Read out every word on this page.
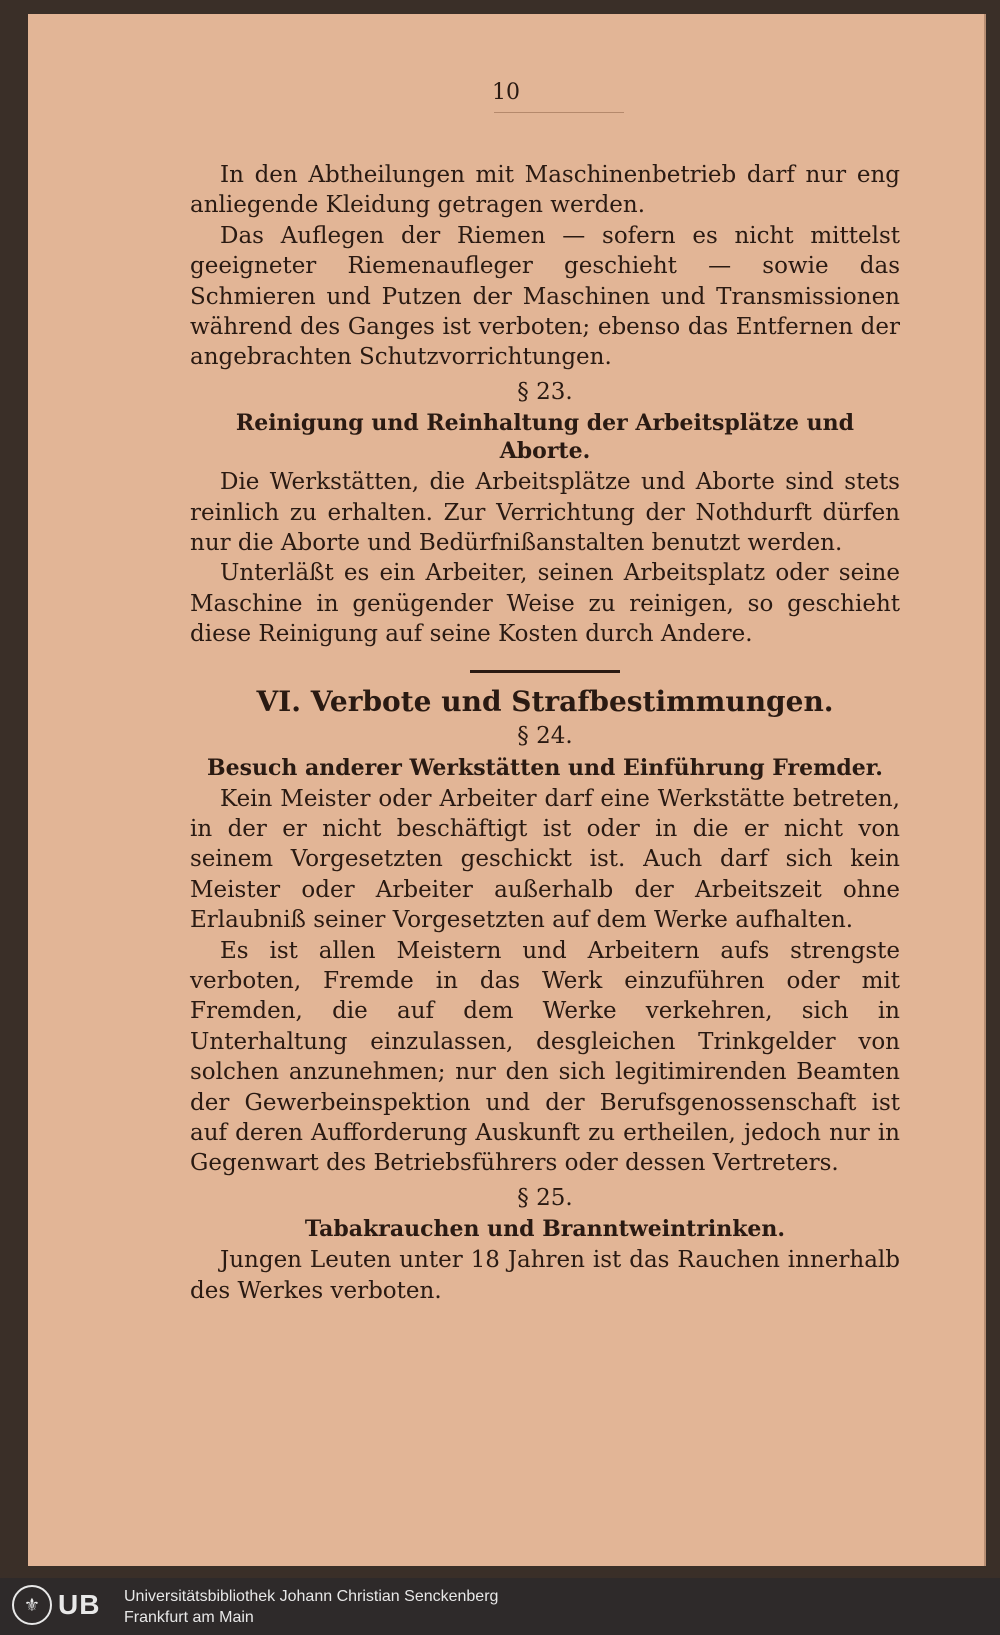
10

In den Abtheilungen mit Maschinenbetrieb darf nur eng anliegende Kleidung getragen werden.

Das Auflegen der Riemen — sofern es nicht mittelst geeigneter Riemenaufleger geschieht — sowie das Schmieren und Putzen der Maschinen und Transmissionen während des Ganges ist verboten; ebenso das Entfernen der angebrachten Schutzvorrichtungen.

§ 23.
Reinigung und Reinhaltung der Arbeitsplätze und Aborte.

Die Werkstätten, die Arbeitsplätze und Aborte sind stets reinlich zu erhalten. Zur Verrichtung der Nothdurft dürfen nur die Aborte und Bedürfnißanstalten benutzt werden.

Unterläßt es ein Arbeiter, seinen Arbeitsplatz oder seine Maschine in genügender Weise zu reinigen, so geschieht diese Reinigung auf seine Kosten durch Andere.

VI. Verbote und Strafbestimmungen.
§ 24.
Besuch anderer Werkstätten und Einführung Fremder.

Kein Meister oder Arbeiter darf eine Werkstätte betreten, in der er nicht beschäftigt ist oder in die er nicht von seinem Vorgesetzten geschickt ist. Auch darf sich kein Meister oder Arbeiter außerhalb der Arbeitszeit ohne Erlaubniß seiner Vorgesetzten auf dem Werke aufhalten.

Es ist allen Meistern und Arbeitern aufs strengste verboten, Fremde in das Werk einzuführen oder mit Fremden, die auf dem Werke verkehren, sich in Unterhaltung einzulassen, desgleichen Trinkgelder von solchen anzunehmen; nur den sich legitimirenden Beamten der Gewerbeinspektion und der Berufsgenossenschaft ist auf deren Aufforderung Auskunft zu ertheilen, jedoch nur in Gegenwart des Betriebsführers oder dessen Vertreters.

§ 25.
Tabakrauchen und Branntweintrinken.

Jungen Leuten unter 18 Jahren ist das Rauchen innerhalb des Werkes verboten.

⚜ UB Universitätsbibliothek Johann Christian Senckenberg
Frankfurt am Main
